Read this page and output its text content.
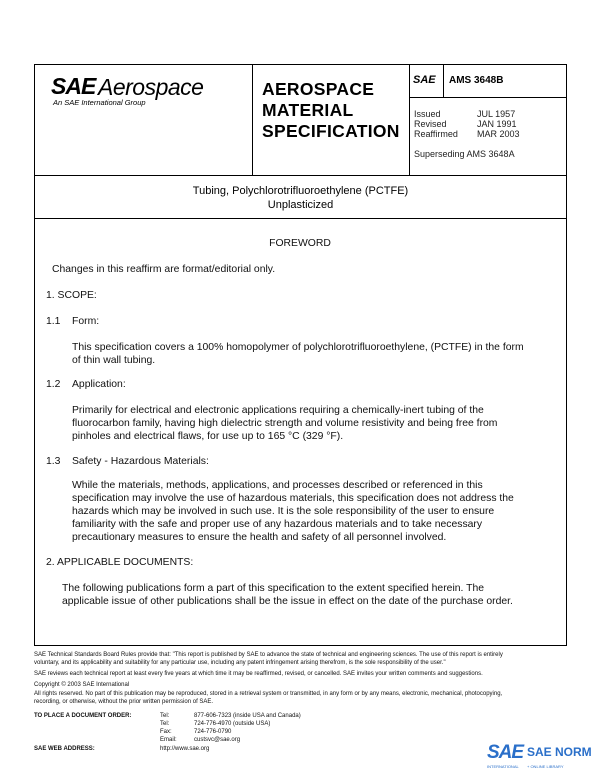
SAE Aerospace
An SAE International Group
AEROSPACE
MATERIAL
SPECIFICATION
SAE AMS 3648B
Issued	JUL 1957
Revised	JAN 1991
Reaffirmed MAR 2003
Superseding AMS 3648A
Tubing, Polychlorotrifluoroethylene (PCTFE)
Unplasticized
FOREWORD
Changes in this reaffirm are format/editorial only.
1. SCOPE:
1.1 Form:
This specification covers a 100% homopolymer of polychlorotrifluoroethylene, (PCTFE) in the form
of thin wall tubing.
1.2 Application:
Primarily for electrical and electronic applications requiring a chemically-inert tubing of the
fluorocarbon family, having high dielectric strength and volume resistivity and being free from
pinholes and electrical flaws, for use up to 165 °C (329 °F).
1.3 Safety - Hazardous Materials:
While the materials, methods, applications, and processes described or referenced in this
specification may involve the use of hazardous materials, this specification does not address the
hazards which may be involved in such use. It is the sole responsibility of the user to ensure
familiarity with the safe and proper use of any hazardous materials and to take necessary
precautionary measures to ensure the health and safety of all personnel involved.
2. APPLICABLE DOCUMENTS:
The following publications form a part of this specification to the extent specified herein. The
applicable issue of other publications shall be the issue in effect on the date of the purchase order.
SAE Technical Standards Board Rules provide that: "This report is published by SAE to advance the state of technical and engineering sciences. The use of this report is entirely
voluntary, and its applicability and suitability for any particular use, including any patent infringement arising therefrom, is the sole responsibility of the user."
SAE reviews each technical report at least every five years at which time it may be reaffirmed, revised, or cancelled. SAE invites your written comments and suggestions.
Copyright © 2003 SAE International
All rights reserved. No part of this publication may be reproduced, stored in a retrieval system or transmitted, in any form or by any means, electronic, mechanical, photocopying,
recording, or otherwise, without the prior written permission of SAE.
TO PLACE A DOCUMENT ORDER:	Tel:	877-606-7323 (inside USA and Canada)
Tel:	724-776-4970 (outside USA)
Fax:	724-776-0790
Email:	custsvc@sae.org
SAE WEB ADDRESS:	http://www.sae.org	SAE SAE NORM
INTERNATIONAL + ONLINE LIBRARY
